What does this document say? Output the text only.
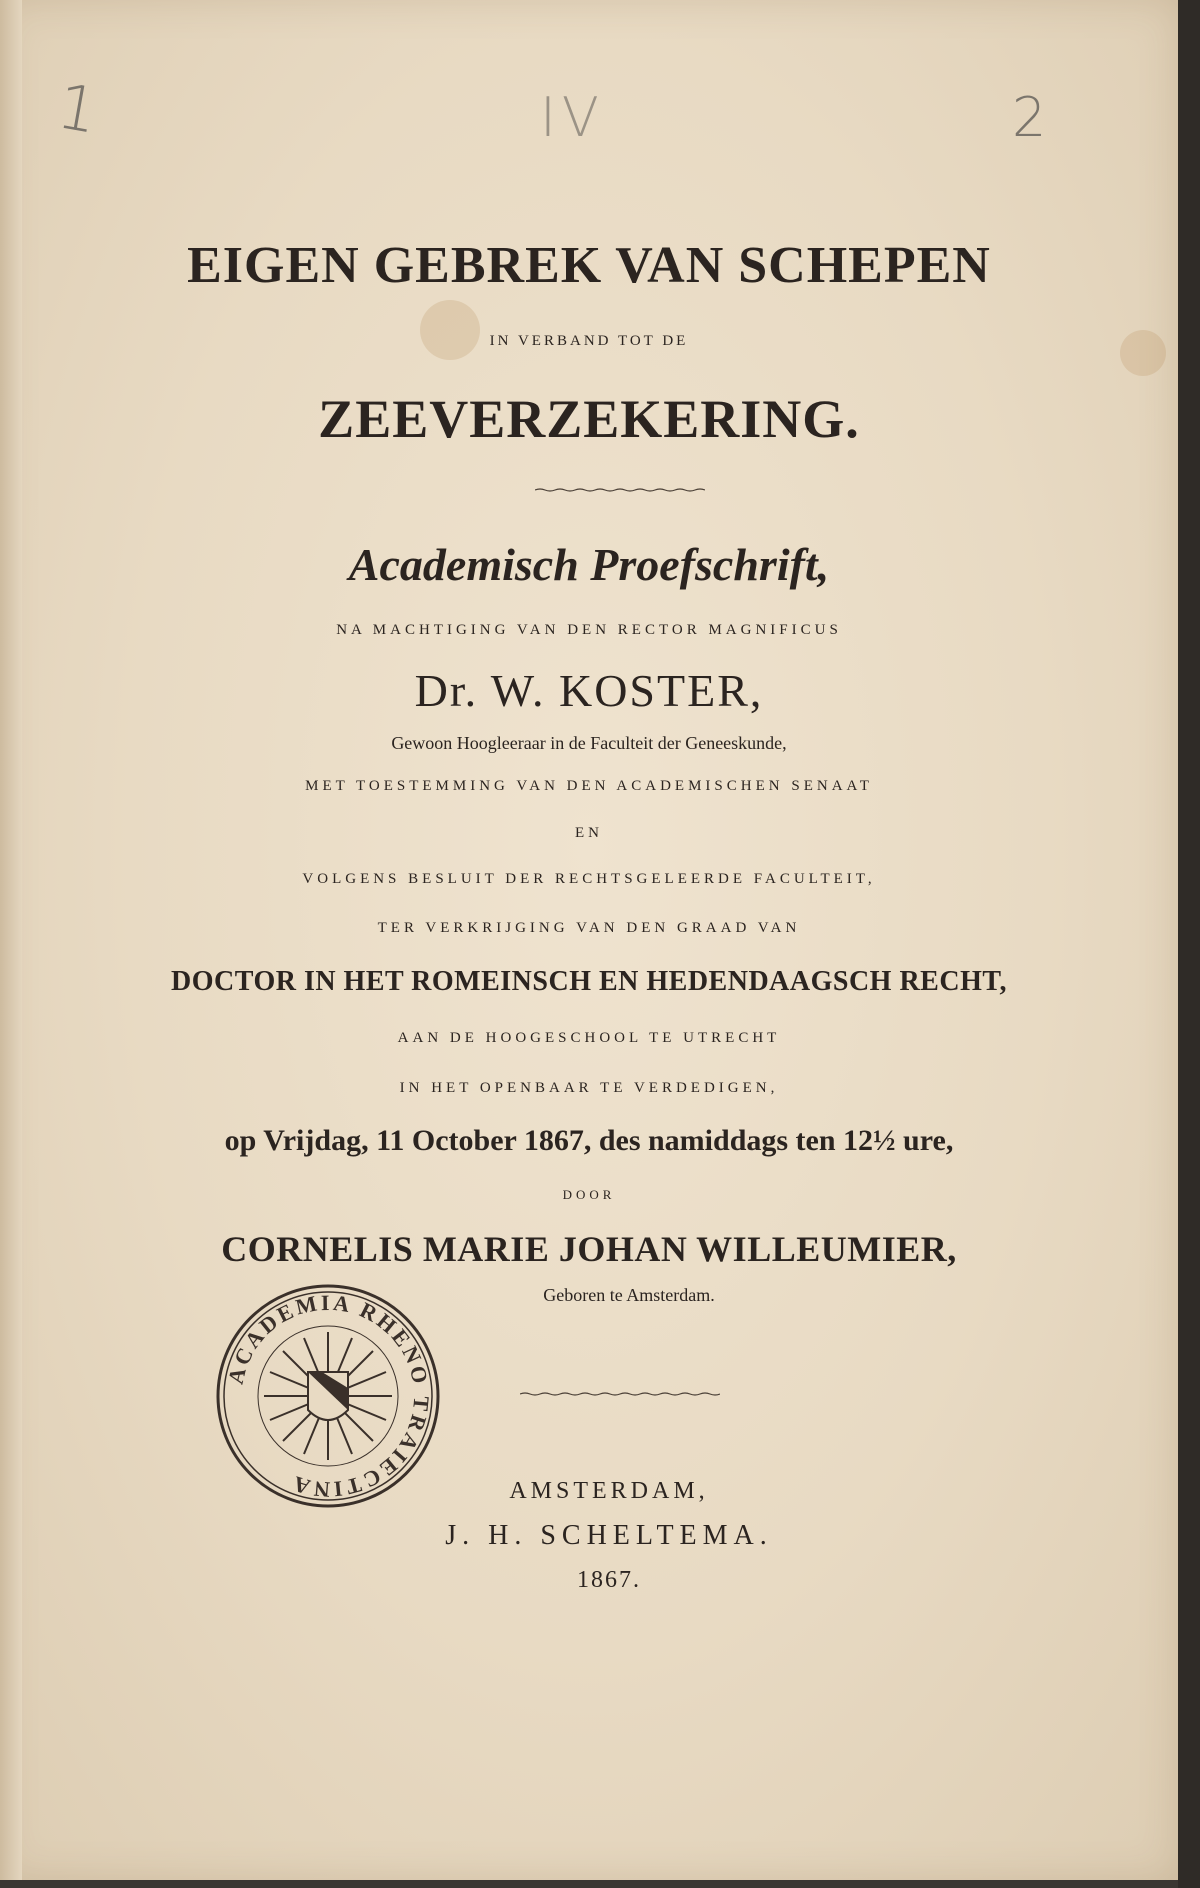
1	IV	2
EIGEN GEBREK VAN SCHEPEN
IN VERBAND TOT DE
ZEEVERZEKERING.
Academisch Proefschrift,
NA MACHTIGING VAN DEN RECTOR MAGNIFICUS
Dr. W. KOSTER,
Gewoon Hoogleeraar in de Faculteit der Geneeskunde,
MET TOESTEMMING VAN DEN ACADEMISCHEN SENAAT
EN
VOLGENS BESLUIT DER RECHTSGELEERDE FACULTEIT,
TER VERKRIJGING VAN DEN GRAAD VAN
DOCTOR IN HET ROMEINSCH EN HEDENDAAGSCH RECHT,
AAN DE HOOGESCHOOL TE UTRECHT
IN HET OPENBAAR TE VERDEDIGEN,
op Vrijdag, 11 October 1867, des namiddags ten 12½ ure,
DOOR
CORNELIS MARIE JOHAN WILLEUMIER,
Geboren te Amsterdam.
ACADEMIA RHENO TRAIECTINA	AMSTERDAM,
J. H. SCHELTEMA.
1867.
